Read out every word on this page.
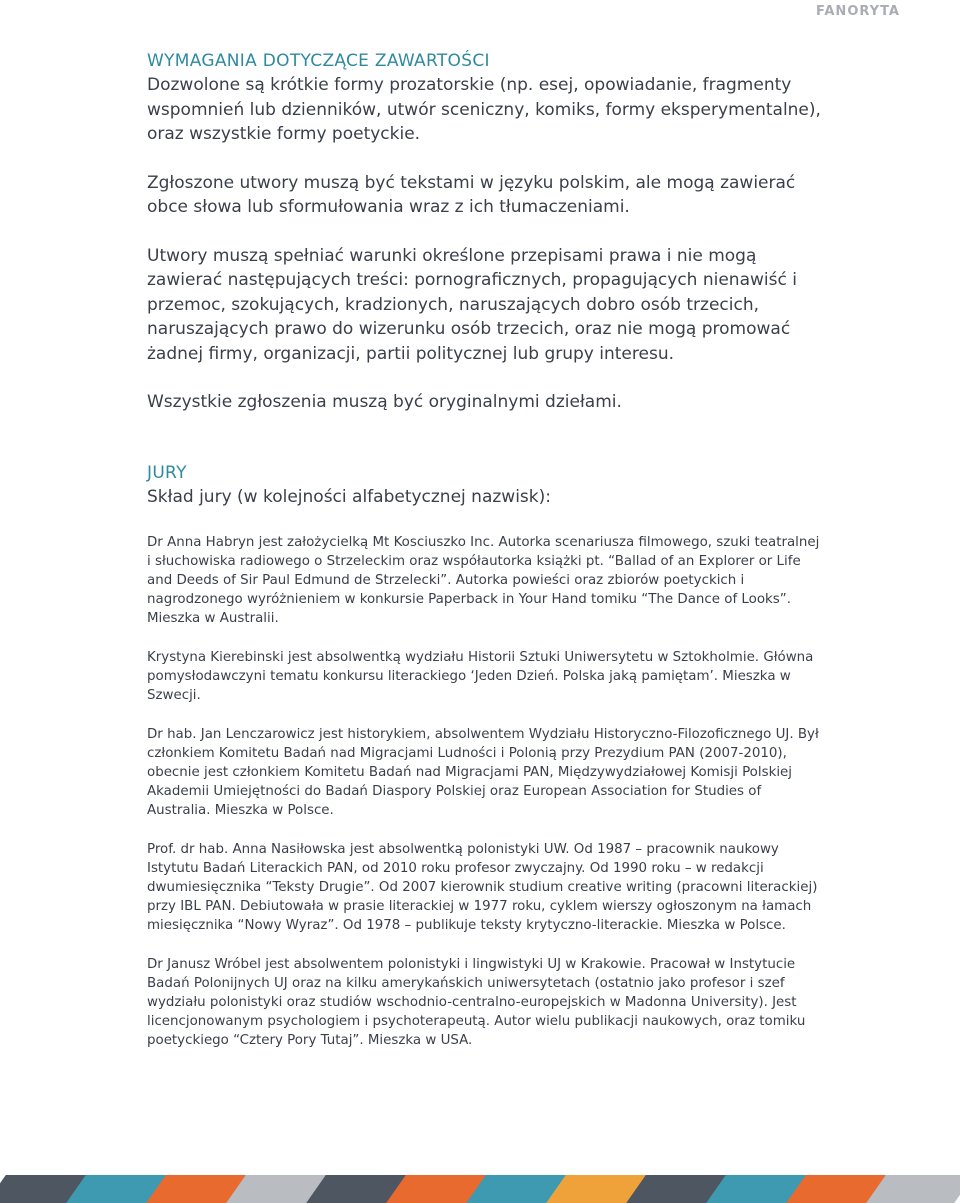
FANORYTA
WYMAGANIA DOTYCZĄCE ZAWARTOŚCI

Dozwolone są krótkie formy prozatorskie (np. esej, opowiadanie, fragmenty wspomnień lub dzienników, utwór sceniczny, komiks, formy eksperymentalne), oraz wszystkie formy poetyckie.

Zgłoszone utwory muszą być tekstami w języku polskim, ale mogą zawierać obce słowa lub sformułowania wraz z ich tłumaczeniami.

Utwory muszą spełniać warunki określone przepisami prawa i nie mogą zawierać następujących treści: pornograficznych, propagujących nienawiść i przemoc, szokujących, kradzionych, naruszających dobro osób trzecich, naruszających prawo do wizerunku osób trzecich, oraz nie mogą promować żadnej firmy, organizacji, partii politycznej lub grupy interesu.

Wszystkie zgłoszenia muszą być oryginalnymi dziełami.

JURY

Skład jury (w kolejności alfabetycznej nazwisk):

Dr Anna Habryn jest założycielką Mt Kosciuszko Inc. Autorka scenariusza filmowego, szuki teatralnej i słuchowiska radiowego o Strzeleckim oraz współautorka książki pt. “Ballad of an Explorer or Life and Deeds of Sir Paul Edmund de Strzelecki”. Autorka powieści oraz zbiorów poetyckich i nagrodzonego wyróżnieniem w konkursie Paperback in Your Hand tomiku “The Dance of Looks”. Mieszka w Australii.

Krystyna Kierebinski jest absolwentką wydziału Historii Sztuki Uniwersytetu w Sztokholmie. Główna pomysłodawczyni tematu konkursu literackiego ‘Jeden Dzień. Polska jaką pamiętam’. Mieszka w Szwecji.

Dr hab. Jan Lenczarowicz jest historykiem, absolwentem Wydziału Historyczno-Filozoficznego UJ. Był członkiem Komitetu Badań nad Migracjami Ludności i Polonią przy Prezydium PAN (2007-2010), obecnie jest członkiem Komitetu Badań nad Migracjami PAN, Międzywydziałowej Komisji Polskiej Akademii Umiejętności do Badań Diaspory Polskiej oraz European Association for Studies of Australia. Mieszka w Polsce.

Prof. dr hab. Anna Nasiłowska jest absolwentką polonistyki UW. Od 1987 – pracownik naukowy Istytutu Badań Literackich PAN, od 2010 roku profesor zwyczajny. Od 1990 roku – w redakcji dwumiesięcznika “Teksty Drugie”. Od 2007 kierownik studium creative writing (pracowni literackiej) przy IBL PAN. Debiutowała w prasie literackiej w 1977 roku, cyklem wierszy ogłoszonym na łamach miesięcznika “Nowy Wyraz”. Od 1978 – publikuje teksty krytyczno-literackie. Mieszka w Polsce.

Dr Janusz Wróbel jest absolwentem polonistyki i lingwistyki UJ w Krakowie. Pracował w Instytucie Badań Polonijnych UJ oraz na kilku amerykańskich uniwersytetach (ostatnio jako profesor i szef wydziału polonistyki oraz studiów wschodnio-centralno-europejskich w Madonna University). Jest licencjonowanym psychologiem i psychoterapeutą. Autor wielu publikacji naukowych, oraz tomiku poetyckiego “Cztery Pory Tutaj”. Mieszka w USA.
